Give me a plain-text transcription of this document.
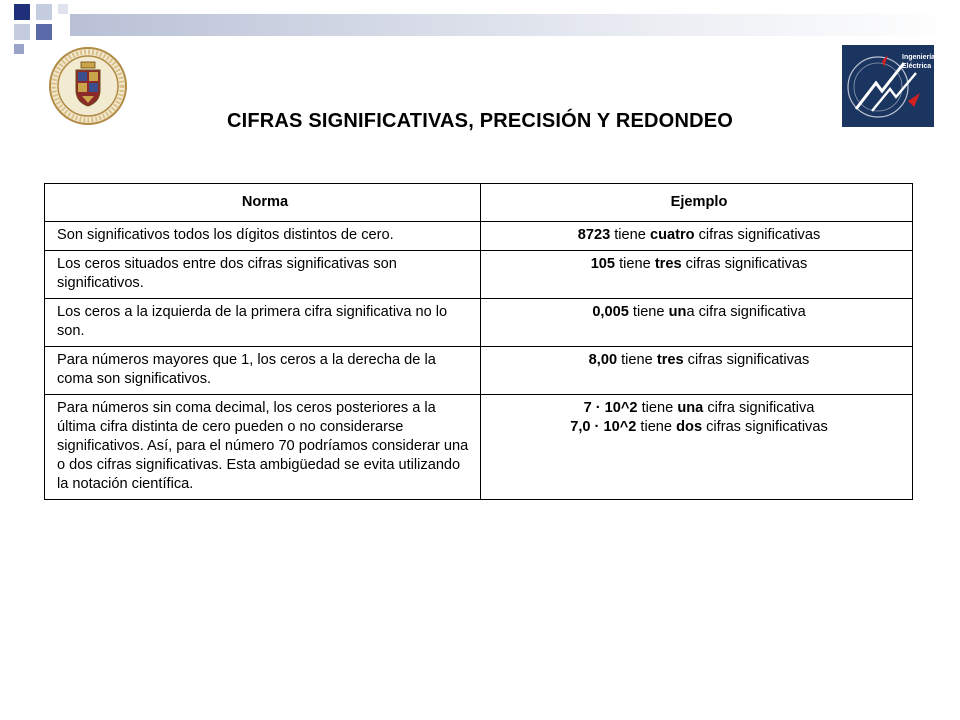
Ingeniería
Eléctrica
CIFRAS SIGNIFICATIVAS, PRECISIÓN Y REDONDEO
Norma	Ejemplo
Son significativos todos los dígitos distintos de cero.	8723 tiene cuatro cifras significativas

Los ceros situados entre dos cifras significativas son significativos.	105 tiene tres cifras significativas

Los ceros a la izquierda de la primera cifra significativa no lo son.	0,005 tiene una cifra significativa

Para números mayores que 1, los ceros a la derecha de la coma son significativos.	8,00 tiene tres cifras significativas

Para números sin coma decimal, los ceros posteriores a la última cifra distinta de cero pueden o no considerarse significativos. Así, para el número 70 podríamos considerar una o dos cifras significativas. Esta ambigüedad se evita utilizando la notación científica.	7 · 10^2 tiene una cifra significativa
7,0 · 10^2 tiene dos cifras significativas
